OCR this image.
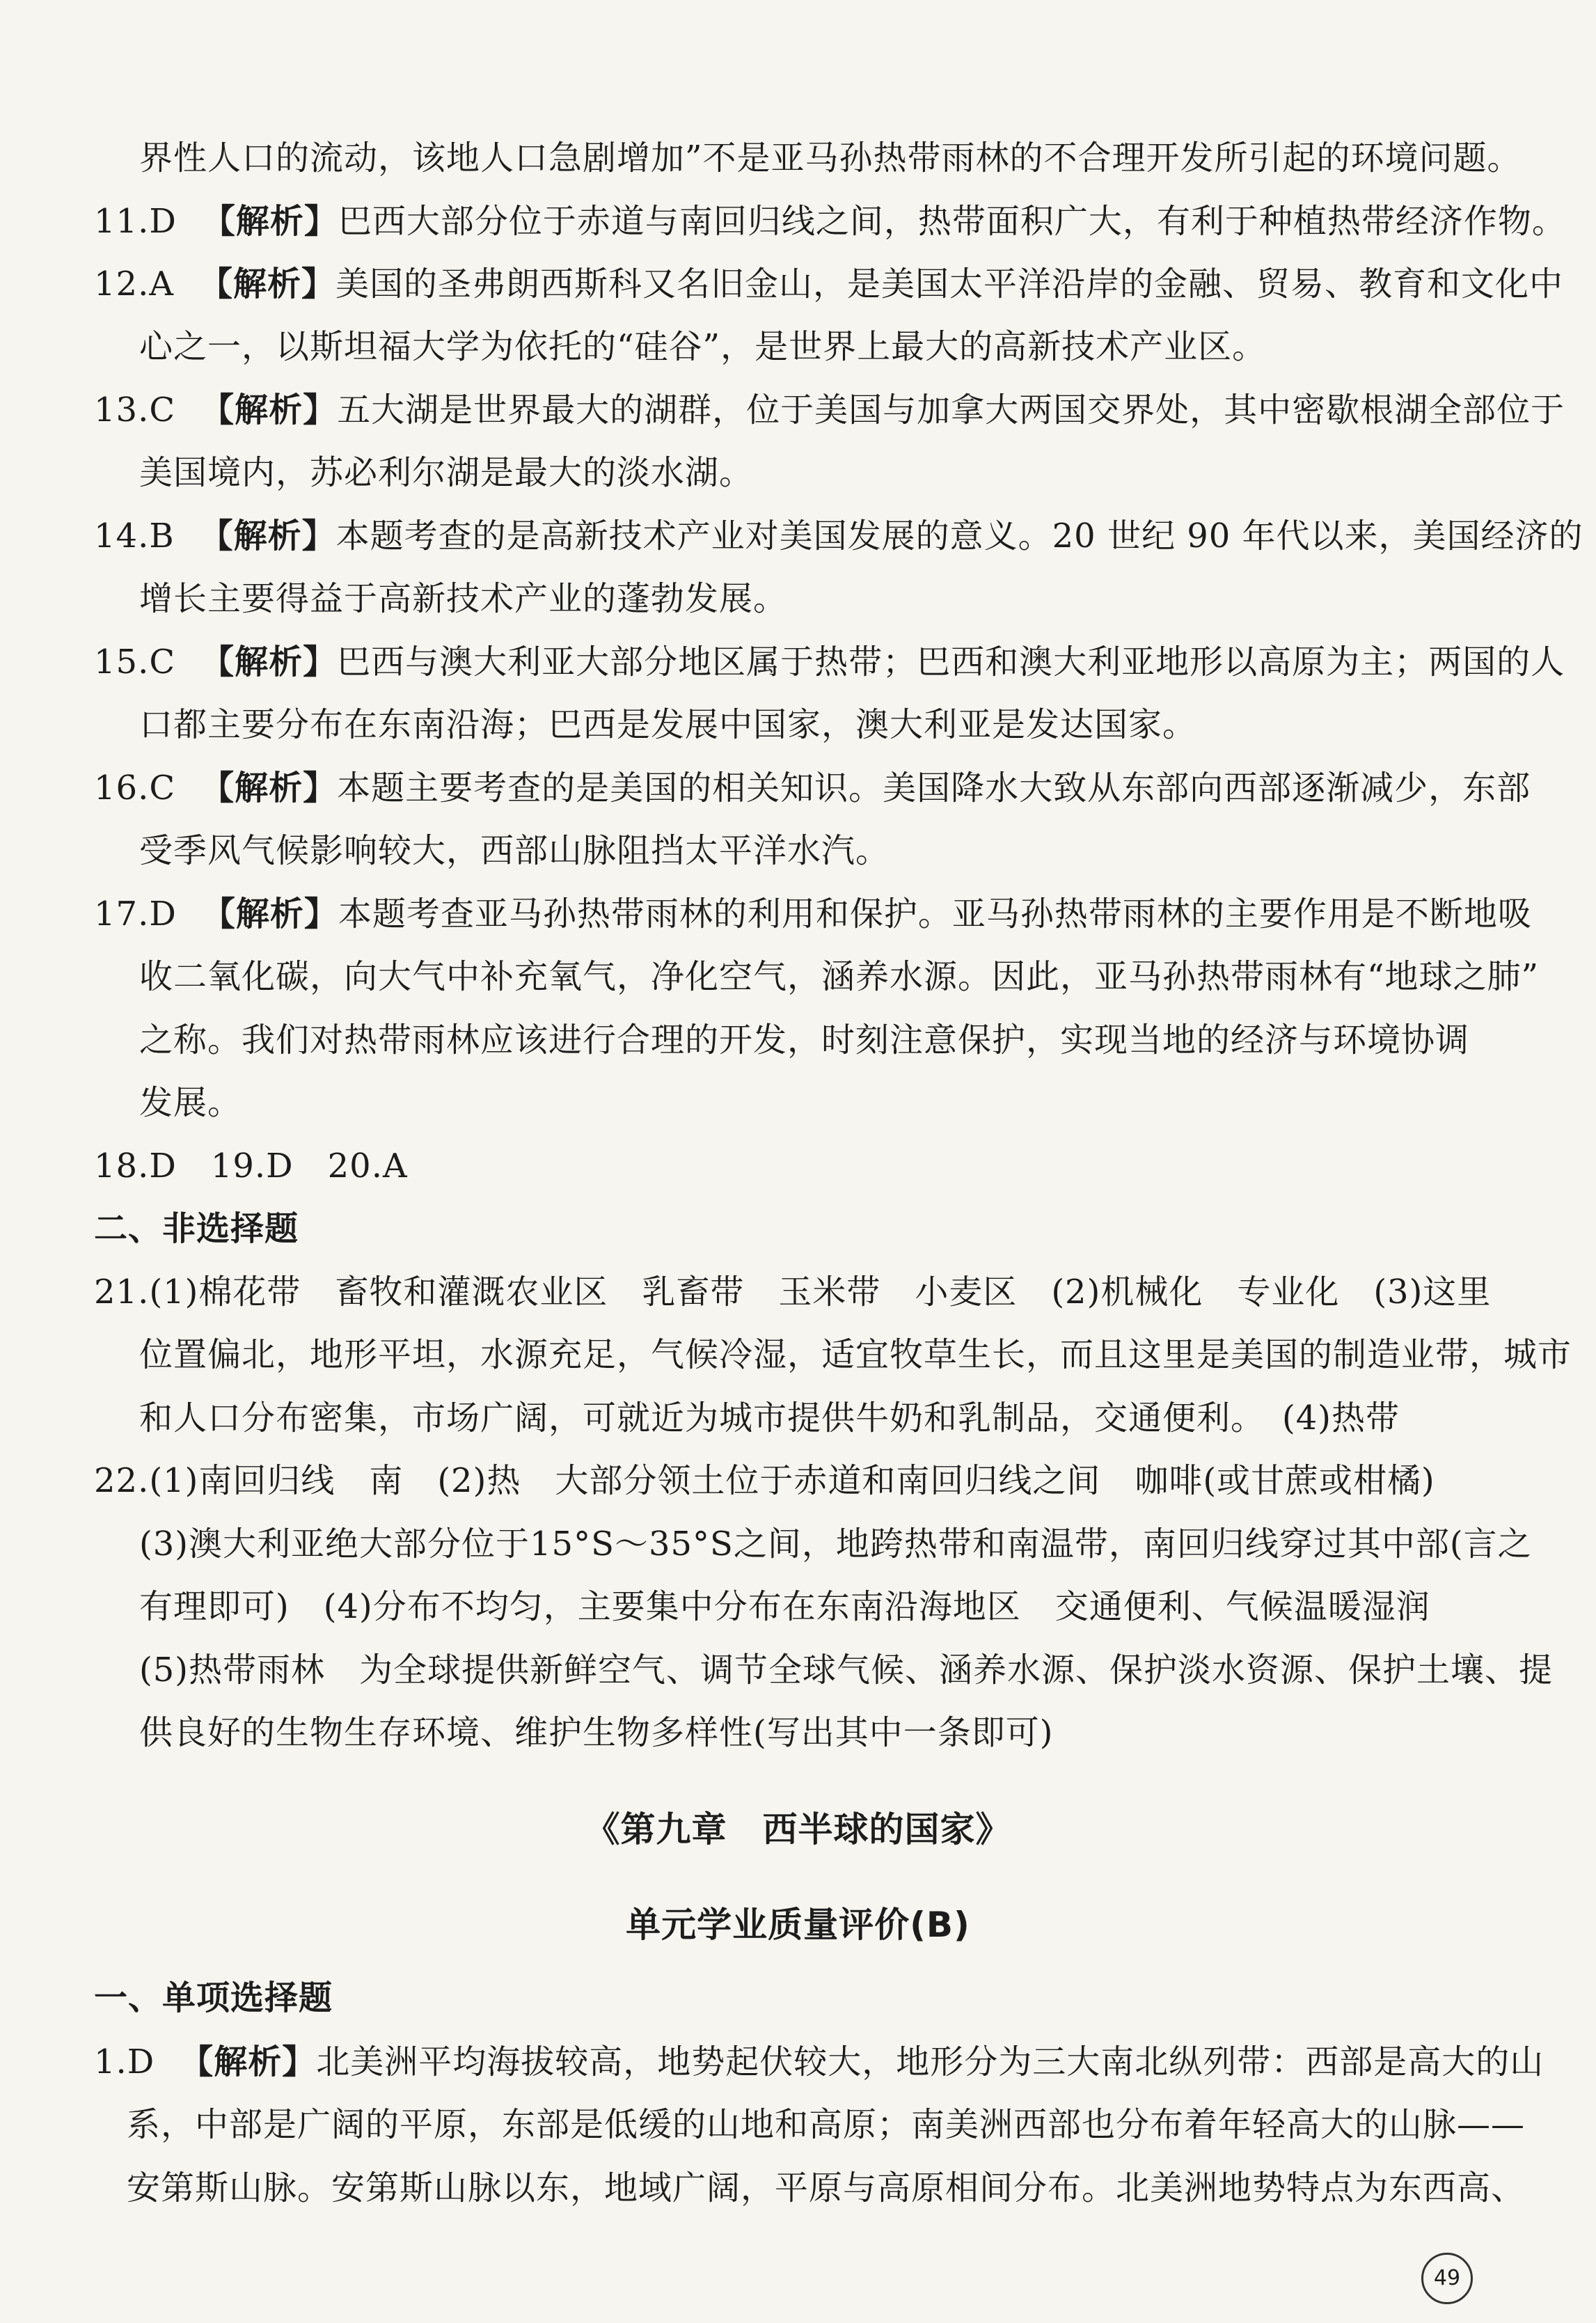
界性人口的流动，该地人口急剧增加”不是亚马孙热带雨林的不合理开发所引起的环境问题。
11.D 【解析】巴西大部分位于赤道与南回归线之间，热带面积广大，有利于种植热带经济作物。
12.A 【解析】美国的圣弗朗西斯科又名旧金山，是美国太平洋沿岸的金融、贸易、教育和文化中
心之一，以斯坦福大学为依托的“硅谷”，是世界上最大的高新技术产业区。
13.C 【解析】五大湖是世界最大的湖群，位于美国与加拿大两国交界处，其中密歇根湖全部位于
美国境内，苏必利尔湖是最大的淡水湖。
14.B 【解析】本题考查的是高新技术产业对美国发展的意义。20 世纪 90 年代以来，美国经济的
增长主要得益于高新技术产业的蓬勃发展。
15.C 【解析】巴西与澳大利亚大部分地区属于热带；巴西和澳大利亚地形以高原为主；两国的人
口都主要分布在东南沿海；巴西是发展中国家，澳大利亚是发达国家。
16.C 【解析】本题主要考查的是美国的相关知识。美国降水大致从东部向西部逐渐减少，东部
受季风气候影响较大，西部山脉阻挡太平洋水汽。
17.D 【解析】本题考查亚马孙热带雨林的利用和保护。亚马孙热带雨林的主要作用是不断地吸
收二氧化碳，向大气中补充氧气，净化空气，涵养水源。因此，亚马孙热带雨林有“地球之肺”
之称。我们对热带雨林应该进行合理的开发，时刻注意保护，实现当地的经济与环境协调
发展。
18.D　19.D　20.A
二、非选择题
21.(1)棉花带　畜牧和灌溉农业区　乳畜带　玉米带　小麦区　(2)机械化　专业化　(3)这里
位置偏北，地形平坦，水源充足，气候冷湿，适宜牧草生长，而且这里是美国的制造业带，城市
和人口分布密集，市场广阔，可就近为城市提供牛奶和乳制品，交通便利。　(4)热带
22.(1)南回归线　南　(2)热　大部分领土位于赤道和南回归线之间　咖啡(或甘蔗或柑橘)
(3)澳大利亚绝大部分位于15°S～35°S之间，地跨热带和南温带，南回归线穿过其中部(言之
有理即可)　(4)分布不均匀，主要集中分布在东南沿海地区　交通便利、气候温暖湿润
(5)热带雨林　为全球提供新鲜空气、调节全球气候、涵养水源、保护淡水资源、保护土壤、提
供良好的生物生存环境、维护生物多样性(写出其中一条即可)
《第九章　西半球的国家》
单元学业质量评价(B)
一、单项选择题
1.D 【解析】北美洲平均海拔较高，地势起伏较大，地形分为三大南北纵列带：西部是高大的山
系，中部是广阔的平原，东部是低缓的山地和高原；南美洲西部也分布着年轻高大的山脉——
安第斯山脉。安第斯山脉以东，地域广阔，平原与高原相间分布。北美洲地势特点为东西高、
49
